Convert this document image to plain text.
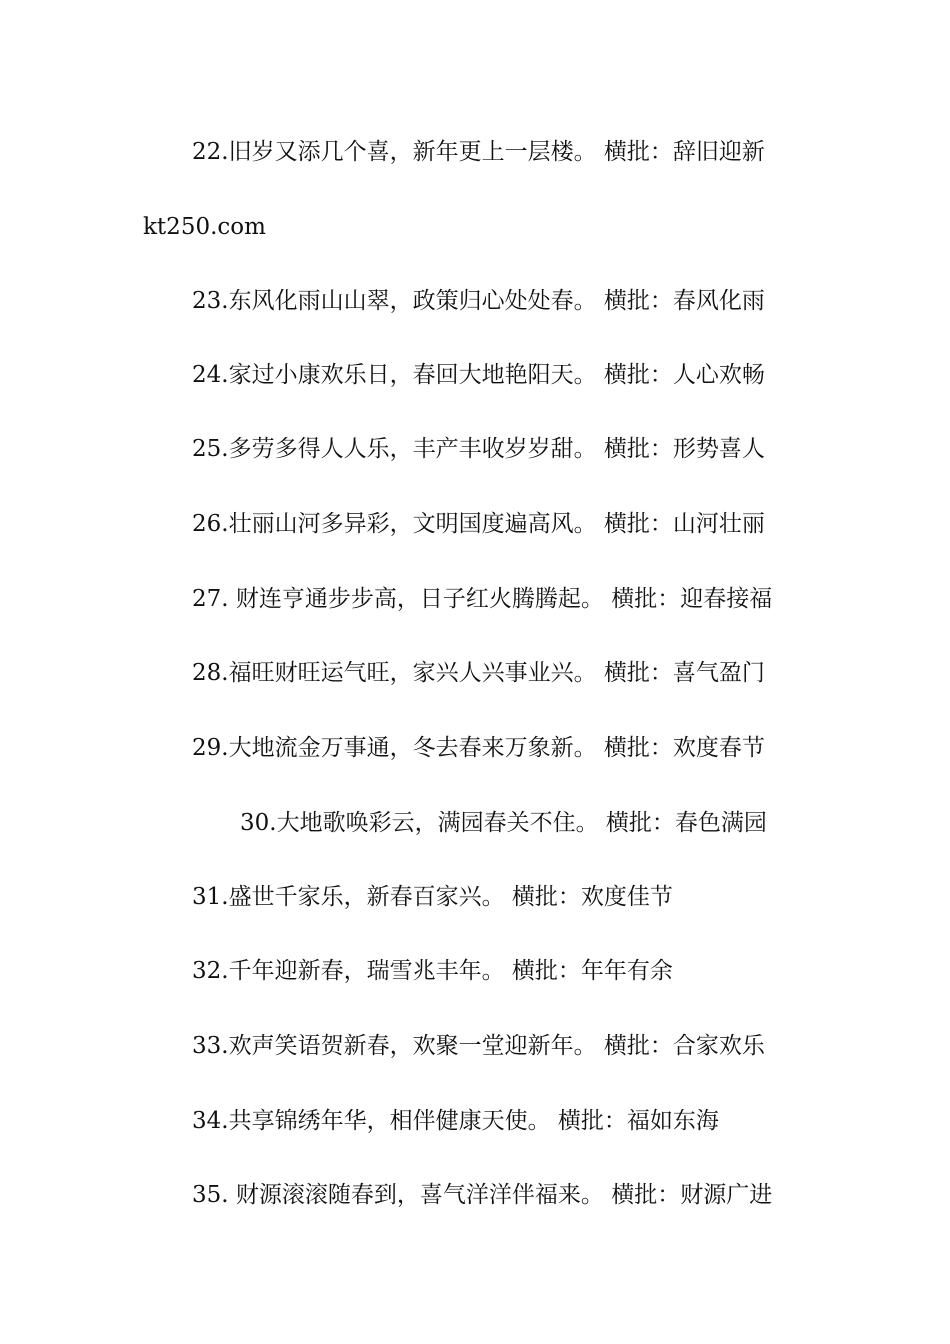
22.旧岁又添几个喜，新年更上一层楼。 横批：辞旧迎新
kt250.com
23.东风化雨山山翠，政策归心处处春。 横批：春风化雨
24.家过小康欢乐日，春回大地艳阳天。 横批：人心欢畅
25.多劳多得人人乐，丰产丰收岁岁甜。 横批：形势喜人
26.壮丽山河多异彩，文明国度遍高风。 横批：山河壮丽
27. 财连亨通步步高，日子红火腾腾起。 横批：迎春接福
28.福旺财旺运气旺，家兴人兴事业兴。 横批：喜气盈门
29.大地流金万事通，冬去春来万象新。 横批：欢度春节
30.大地歌唤彩云，满园春关不住。 横批：春色满园
31.盛世千家乐，新春百家兴。 横批：欢度佳节
32.千年迎新春，瑞雪兆丰年。 横批：年年有余
33.欢声笑语贺新春，欢聚一堂迎新年。 横批：合家欢乐
34.共享锦绣年华，相伴健康天使。 横批：福如东海
35. 财源滚滚随春到，喜气洋洋伴福来。 横批：财源广进
